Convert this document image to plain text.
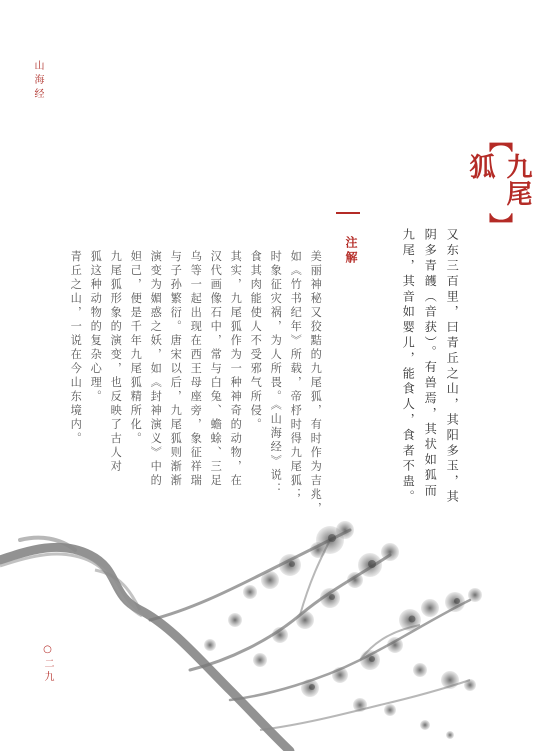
山海经
【
九尾狐
】
又东三百里，曰青丘之山，其阳多玉，其
阴多青頀（音获）。有兽焉，其状如狐而
九尾，其音如婴儿，能食人，食者不蛊。
注解
美丽神秘又狡黠的九尾狐，有时作为吉兆，
如《竹书纪年》所载，帝杼时得九尾狐；
时象征灾祸，为人所畏。《山海经》说：
食其肉能使人不受邪气所侵。
其实，九尾狐作为一种神奇的动物，在
汉代画像石中，常与白兔、蟾蜍、三足
乌等一起出现在西王母座旁，象征祥瑞
与子孙繁衍。唐宋以后，九尾狐则渐渐
演变为媚惑之妖，如《封神演义》中的
妲己，便是千年九尾狐精所化。
九尾狐形象的演变，也反映了古人对
狐这种动物的复杂心理。
青丘之山，一说在今山东境内。
○二九
